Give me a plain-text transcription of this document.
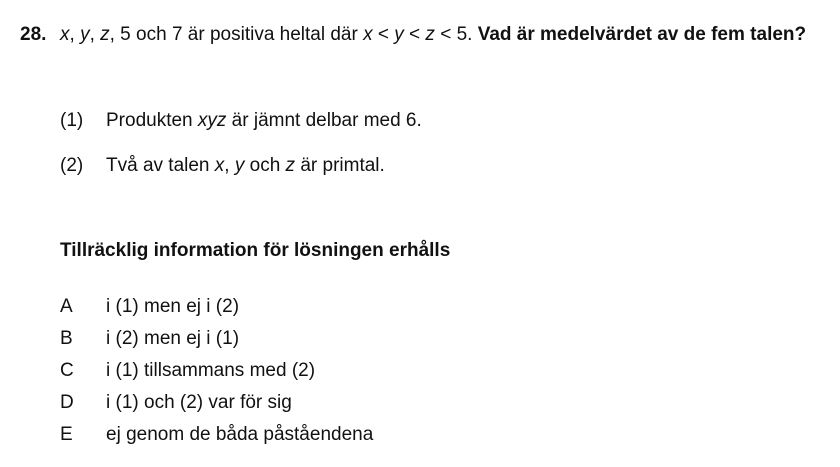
28. x, y, z, 5 och 7 är positiva heltal där x < y < z < 5. Vad är medelvärdet av de fem talen?
(1)	Produkten xyz är jämnt delbar med 6.
(2)	Två av talen x, y och z är primtal.
Tillräcklig information för lösningen erhålls
A	i (1) men ej i (2)
B	i (2) men ej i (1)
C	i (1) tillsammans med (2)
D	i (1) och (2) var för sig
E	ej genom de båda påståendena
